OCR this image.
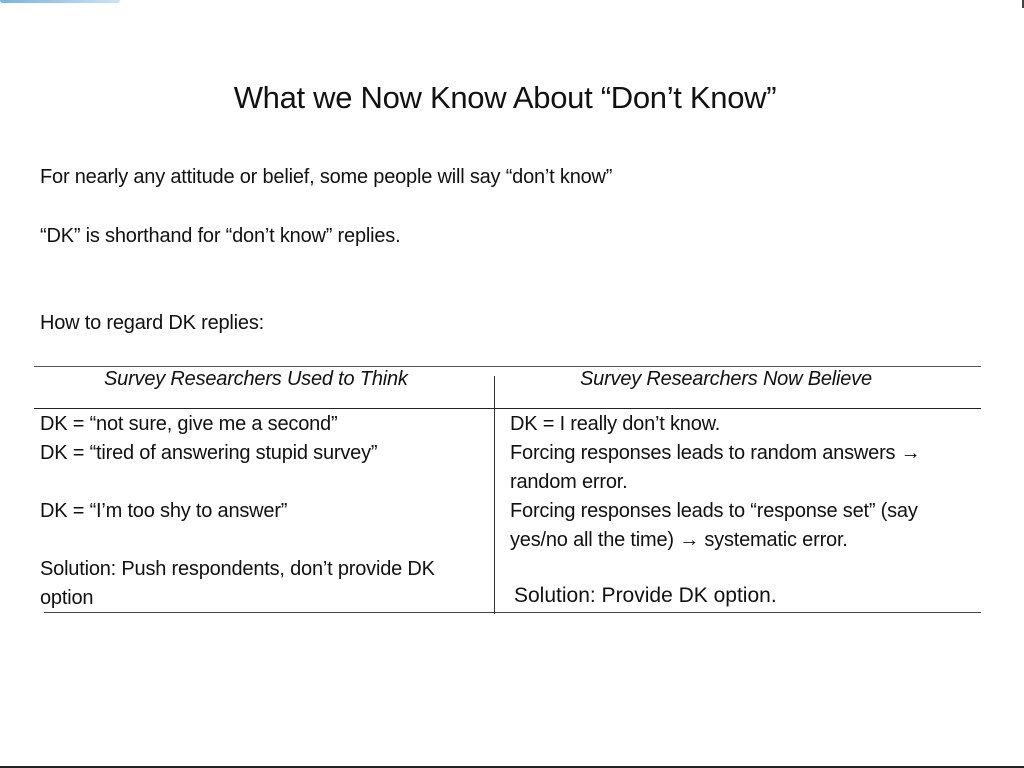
What we Now Know About “Don’t Know”
For nearly any attitude or belief, some people will say “don’t know”
“DK” is shorthand for “don’t know” replies.
How to regard DK replies:
Survey Researchers Used to Think	Survey Researchers Now Believe
DK = “not sure, give me a second”
DK = “tired of answering stupid survey”
DK = “I’m too shy to answer”
Solution: Push respondents, don’t provide DK option
DK = I really don’t know.
Forcing responses leads to random answers → random error.
Forcing responses leads to “response set” (say yes/no all the time) → systematic error.
Solution: Provide DK option.
